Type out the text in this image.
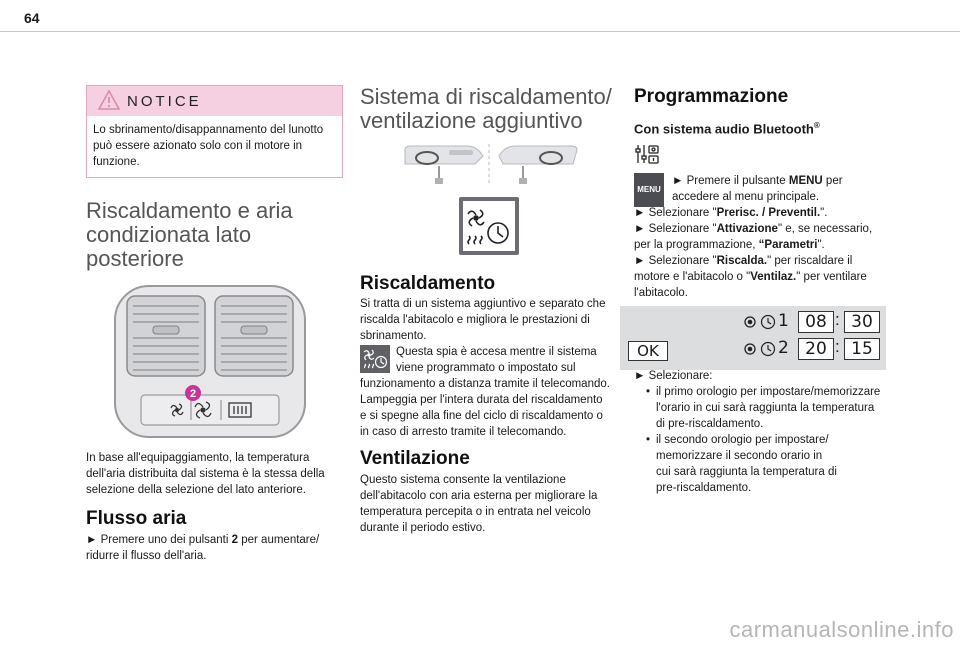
64
NOTICE
Lo sbrinamento/disappannamento del lunotto può essere azionato solo con il motore in funzione.
Riscaldamento e aria
condizionata lato
posteriore
2
In base all'equipaggiamento, la temperatura
dell'aria distribuita dal sistema è la stessa della
selezione della selezione del lato anteriore.
Flusso aria
► Premere uno dei pulsanti 2 per aumentare/
ridurre il flusso dell'aria.
Sistema di riscaldamento/
ventilazione aggiuntivo
Riscaldamento
Si tratta di un sistema aggiuntivo e separato che
riscalda l'abitacolo e migliora le prestazioni di
sbrinamento.
Questa spia è accesa mentre il sistema
viene programmato o impostato sul
funzionamento a distanza tramite il telecomando.
Lampeggia per l'intera durata del riscaldamento
e si spegne alla fine del ciclo di riscaldamento o
in caso di arresto tramite il telecomando.
Ventilazione
Questo sistema consente la ventilazione
dell'abitacolo con aria esterna per migliorare la
temperatura percepita o in entrata nel veicolo
durante il periodo estivo.
Programmazione
Con sistema audio Bluetooth®
MENU
► Premere il pulsante MENU per
accedere al menu principale.
► Selezionare "Prerisc. / Preventil.".
► Selezionare "Attivazione" e, se necessario,
per la programmazione, “Parametri".
► Selezionare "Riscalda." per riscaldare il
motore e l'abitacolo o "Ventilaz." per ventilare
l'abitacolo.
OK
1 08 : 30
2 20 : 15
► Selezionare:
• il primo orologio per impostare/memorizzare
l'orario in cui sarà raggiunta la temperatura
di pre-riscaldamento.
• il secondo orologio per impostare/
memorizzare il secondo orario in
cui sarà raggiunta la temperatura di
pre-riscaldamento.
carmanualsonline.info
